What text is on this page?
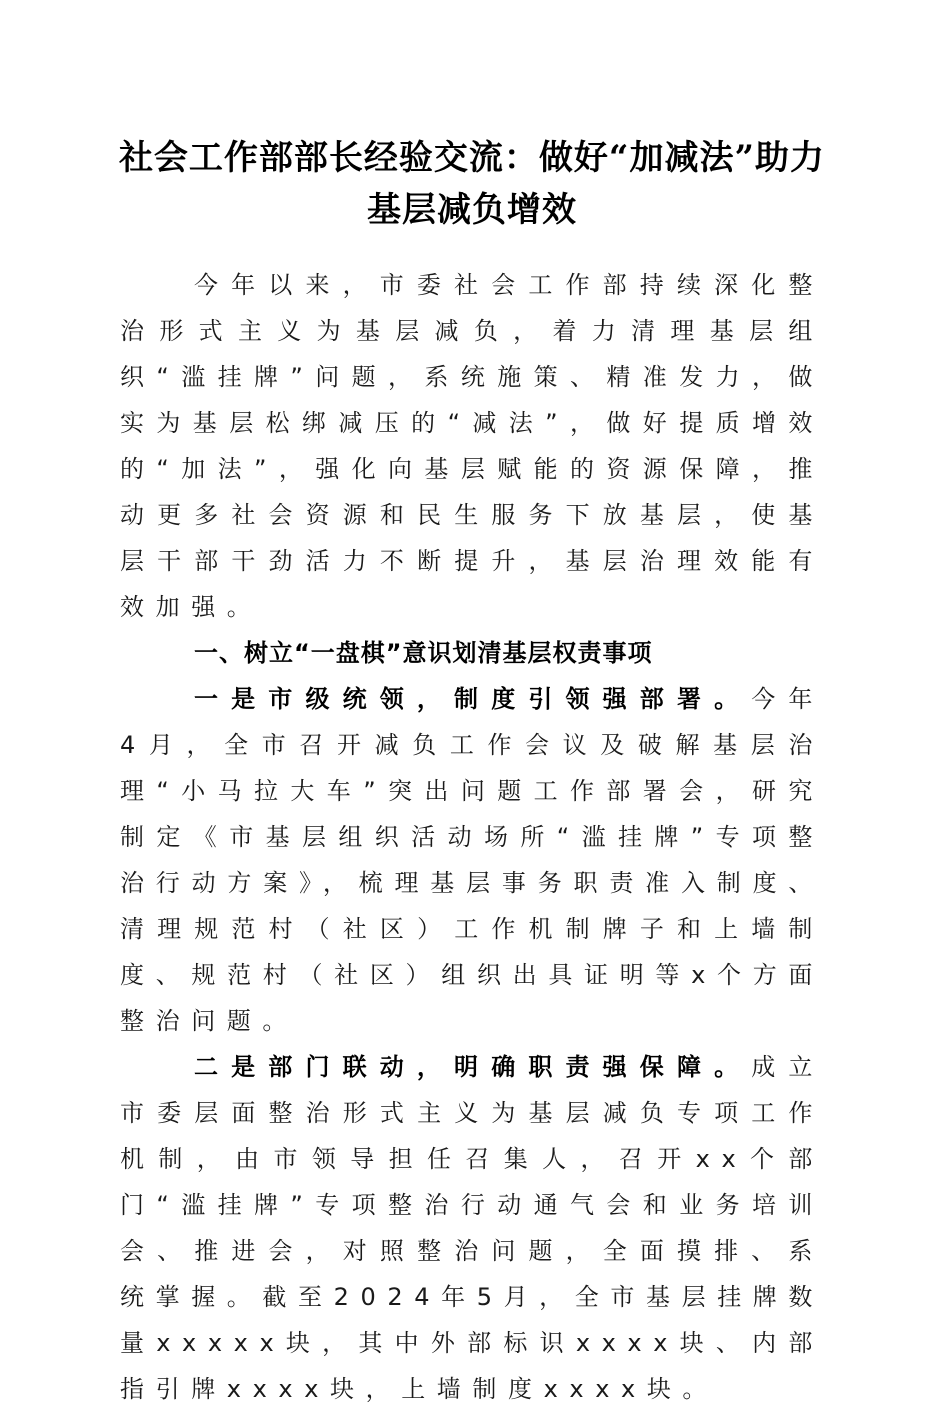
社会工作部部长经验交流：做好“加减法”助力基层减负增效

今年以来，市委社会工作部持续深化整治形式主义为基层减负，着力清理基层组织“滥挂牌”问题，系统施策、精准发力，做实为基层松绑减压的“减法”，做好提质增效的“加法”，强化向基层赋能的资源保障，推动更多社会资源和民生服务下放基层，使基层干部干劲活力不断提升，基层治理效能有效加强。

一、树立“一盘棋”意识划清基层权责事项

一是市级统领，制度引领强部署。今年4月，全市召开减负工作会议及破解基层治理“小马拉大车”突出问题工作部署会，研究制定《市基层组织活动场所“滥挂牌”专项整治行动方案》，梳理基层事务职责准入制度、清理规范村（社区）工作机制牌子和上墙制度、规范村（社区）组织出具证明等x个方面整治问题。

二是部门联动，明确职责强保障。成立市委层面整治形式主义为基层减负专项工作机制，由市领导担任召集人，召开xx个部门“滥挂牌”专项整治行动通气会和业务培训会、推进会，对照整治问题，全面摸排、系统掌握。截至2024年5月，全市基层挂牌数量xxxxx块，其中外部标识xxxx块、内部指引牌xxxx块，上墙制度xxxx块。
